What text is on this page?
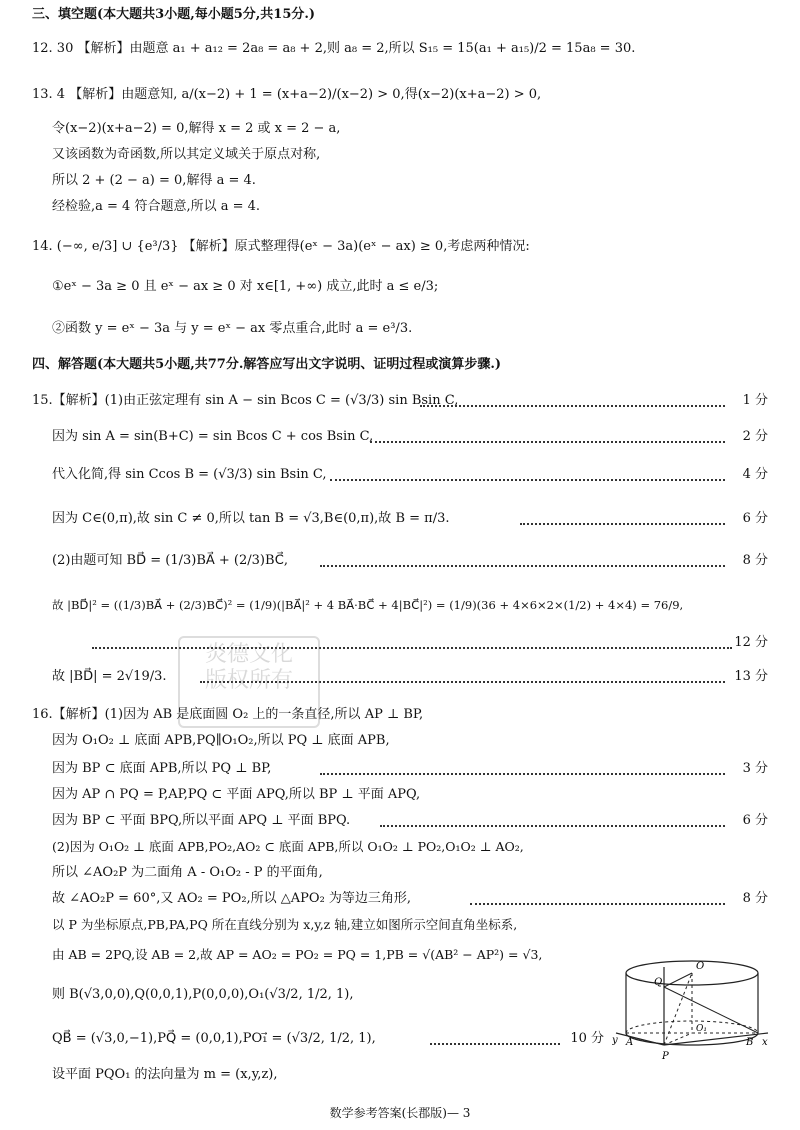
三、填空题(本大题共3小题,每小题5分,共15分.)
12. 30 【解析】由题意 a₁ + a₁₂ = 2a₈ = a₈ + 2,则 a₈ = 2,所以 S₁₅ = 15(a₁ + a₁₅)/2 = 15a₈ = 30.
13. 4 【解析】由题意知, a/(x−2) + 1 = (x+a−2)/(x−2) > 0,得(x−2)(x+a−2) > 0,
令(x−2)(x+a−2) = 0,解得 x = 2 或 x = 2 − a,
又该函数为奇函数,所以其定义域关于原点对称,
所以 2 + (2 − a) = 0,解得 a = 4.
经检验,a = 4 符合题意,所以 a = 4.
14. (−∞, e/3] ∪ {e³/3} 【解析】原式整理得(eˣ − 3a)(eˣ − ax) ≥ 0,考虑两种情况:
①eˣ − 3a ≥ 0 且 eˣ − ax ≥ 0 对 x∈[1, +∞) 成立,此时 a ≤ e/3;
②函数 y = eˣ − 3a 与 y = eˣ − ax 零点重合,此时 a = e³/3.
四、解答题(本大题共5小题,共77分.解答应写出文字说明、证明过程或演算步骤.)
15.【解析】(1)由正弦定理有 sin A − sin Bcos C = (√3/3) sin Bsin C,	1 分
因为 sin A = sin(B+C) = sin Bcos C + cos Bsin C,	2 分
代入化简,得 sin Ccos B = (√3/3) sin Bsin C,	4 分
因为 C∈(0,π),故 sin C ≠ 0,所以 tan B = √3,B∈(0,π),故 B = π/3.	6 分
(2)由题可知 BD⃗ = (1/3)BA⃗ + (2/3)BC⃗,	8 分
故 |BD⃗|² = ((1/3)BA⃗ + (2/3)BC⃗)² = (1/9)(|BA⃗|² + 4 BA⃗·BC⃗ + 4|BC⃗|²) = (1/9)(36 + 4×6×2×(1/2) + 4×4) = 76/9,
12 分
故 |BD⃗| = 2√19/3.	13 分
炎德文化
版权所有
16.【解析】(1)因为 AB 是底面圆 O₂ 上的一条直径,所以 AP ⊥ BP,
因为 O₁O₂ ⊥ 底面 APB,PQ∥O₁O₂,所以 PQ ⊥ 底面 APB,
因为 BP ⊂ 底面 APB,所以 PQ ⊥ BP,	3 分
因为 AP ∩ PQ = P,AP,PQ ⊂ 平面 APQ,所以 BP ⊥ 平面 APQ,
因为 BP ⊂ 平面 BPQ,所以平面 APQ ⊥ 平面 BPQ.	6 分
(2)因为 O₁O₂ ⊥ 底面 APB,PO₂,AO₂ ⊂ 底面 APB,所以 O₁O₂ ⊥ PO₂,O₁O₂ ⊥ AO₂,
所以 ∠AO₂P 为二面角 A - O₁O₂ - P 的平面角,
故 ∠AO₂P = 60°,又 AO₂ = PO₂,所以 △APO₂ 为等边三角形,	8 分
以 P 为坐标原点,PB,PA,PQ 所在直线分别为 x,y,z 轴,建立如图所示空间直角坐标系,
由 AB = 2PQ,设 AB = 2,故 AP = AO₂ = PO₂ = PQ = 1,PB = √(AB² − AP²) = √3,
则 B(√3,0,0),Q(0,0,1),P(0,0,0),O₁(√3/2, 1/2, 1),
QB⃗ = (√3,0,−1),PQ⃗ = (0,0,1),PO₁⃗ = (√3/2, 1/2, 1),	10 分
设平面 PQO₁ 的法向量为 m = (x,y,z),
Q
O
O₁
A	B
P
x
y
数学参考答案(长郡版)— 3
